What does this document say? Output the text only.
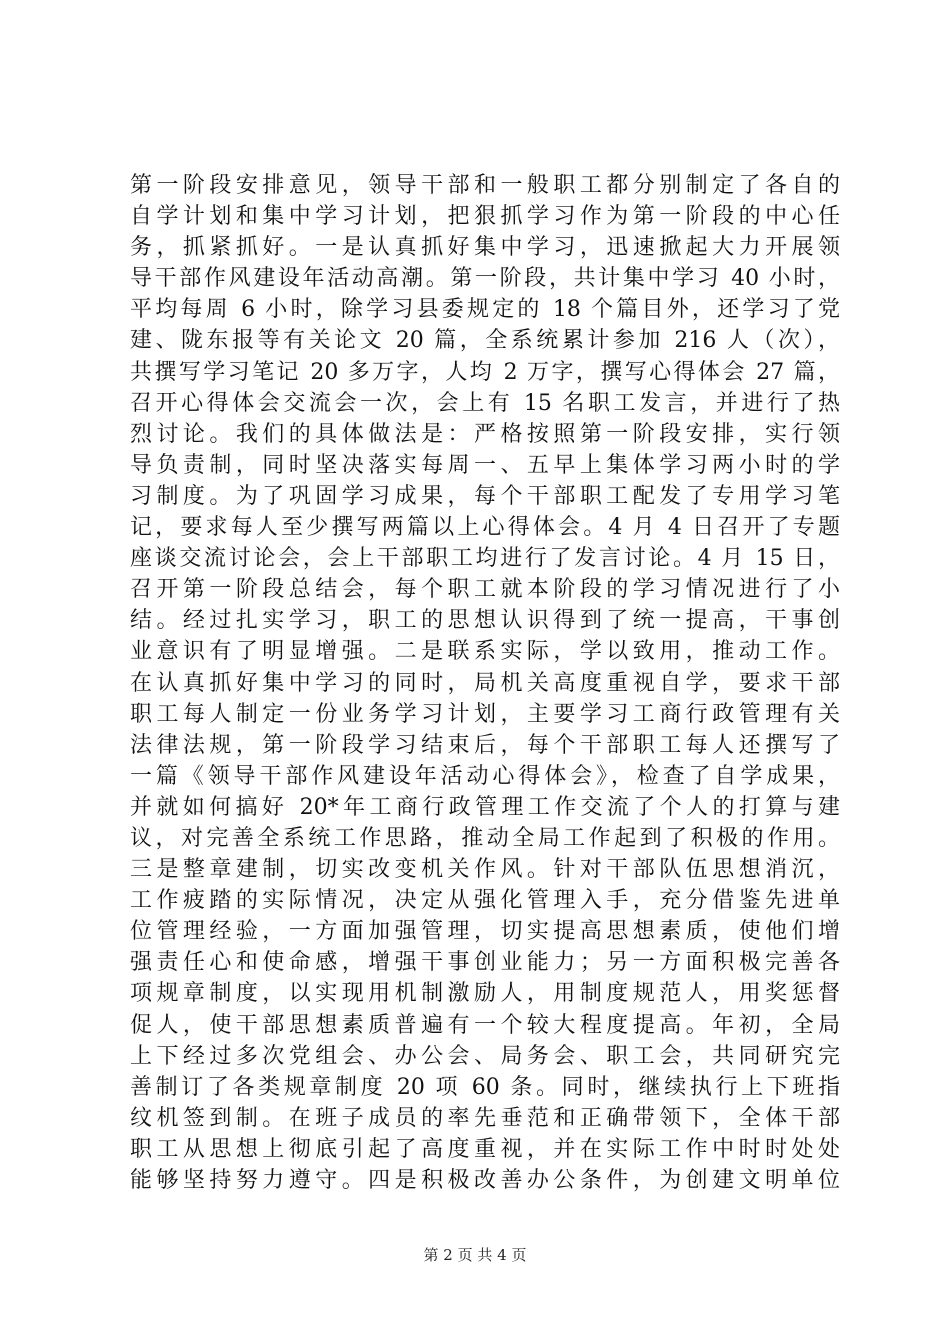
第一阶段安排意见，领导干部和一般职工都分别制定了各自的
自学计划和集中学习计划，把狠抓学习作为第一阶段的中心任
务，抓紧抓好。一是认真抓好集中学习，迅速掀起大力开展领
导干部作风建设年活动高潮。第一阶段，共计集中学习 40 小时，
平均每周 6 小时，除学习县委规定的 18 个篇目外，还学习了党
建、陇东报等有关论文 20 篇，全系统累计参加 216 人（次），
共撰写学习笔记 20 多万字，人均 2 万字，撰写心得体会 27 篇，
召开心得体会交流会一次，会上有 15 名职工发言，并进行了热
烈讨论。我们的具体做法是：严格按照第一阶段安排，实行领
导负责制，同时坚决落实每周一、五早上集体学习两小时的学
习制度。为了巩固学习成果，每个干部职工配发了专用学习笔
记，要求每人至少撰写两篇以上心得体会。4 月 4 日召开了专题
座谈交流讨论会，会上干部职工均进行了发言讨论。4 月 15 日，
召开第一阶段总结会，每个职工就本阶段的学习情况进行了小
结。经过扎实学习，职工的思想认识得到了统一提高，干事创
业意识有了明显增强。二是联系实际，学以致用，推动工作。
在认真抓好集中学习的同时，局机关高度重视自学，要求干部
职工每人制定一份业务学习计划，主要学习工商行政管理有关
法律法规，第一阶段学习结束后，每个干部职工每人还撰写了
一篇《领导干部作风建设年活动心得体会》，检查了自学成果，
并就如何搞好 20*年工商行政管理工作交流了个人的打算与建
议，对完善全系统工作思路，推动全局工作起到了积极的作用。
三是整章建制，切实改变机关作风。针对干部队伍思想消沉，
工作疲踏的实际情况，决定从强化管理入手，充分借鉴先进单
位管理经验，一方面加强管理，切实提高思想素质，使他们增
强责任心和使命感，增强干事创业能力；另一方面积极完善各
项规章制度，以实现用机制激励人，用制度规范人，用奖惩督
促人，使干部思想素质普遍有一个较大程度提高。年初，全局
上下经过多次党组会、办公会、局务会、职工会，共同研究完
善制订了各类规章制度 20 项 60 条。同时，继续执行上下班指
纹机签到制。在班子成员的率先垂范和正确带领下，全体干部
职工从思想上彻底引起了高度重视，并在实际工作中时时处处
能够坚持努力遵守。四是积极改善办公条件，为创建文明单位
第 2 页 共 4 页
